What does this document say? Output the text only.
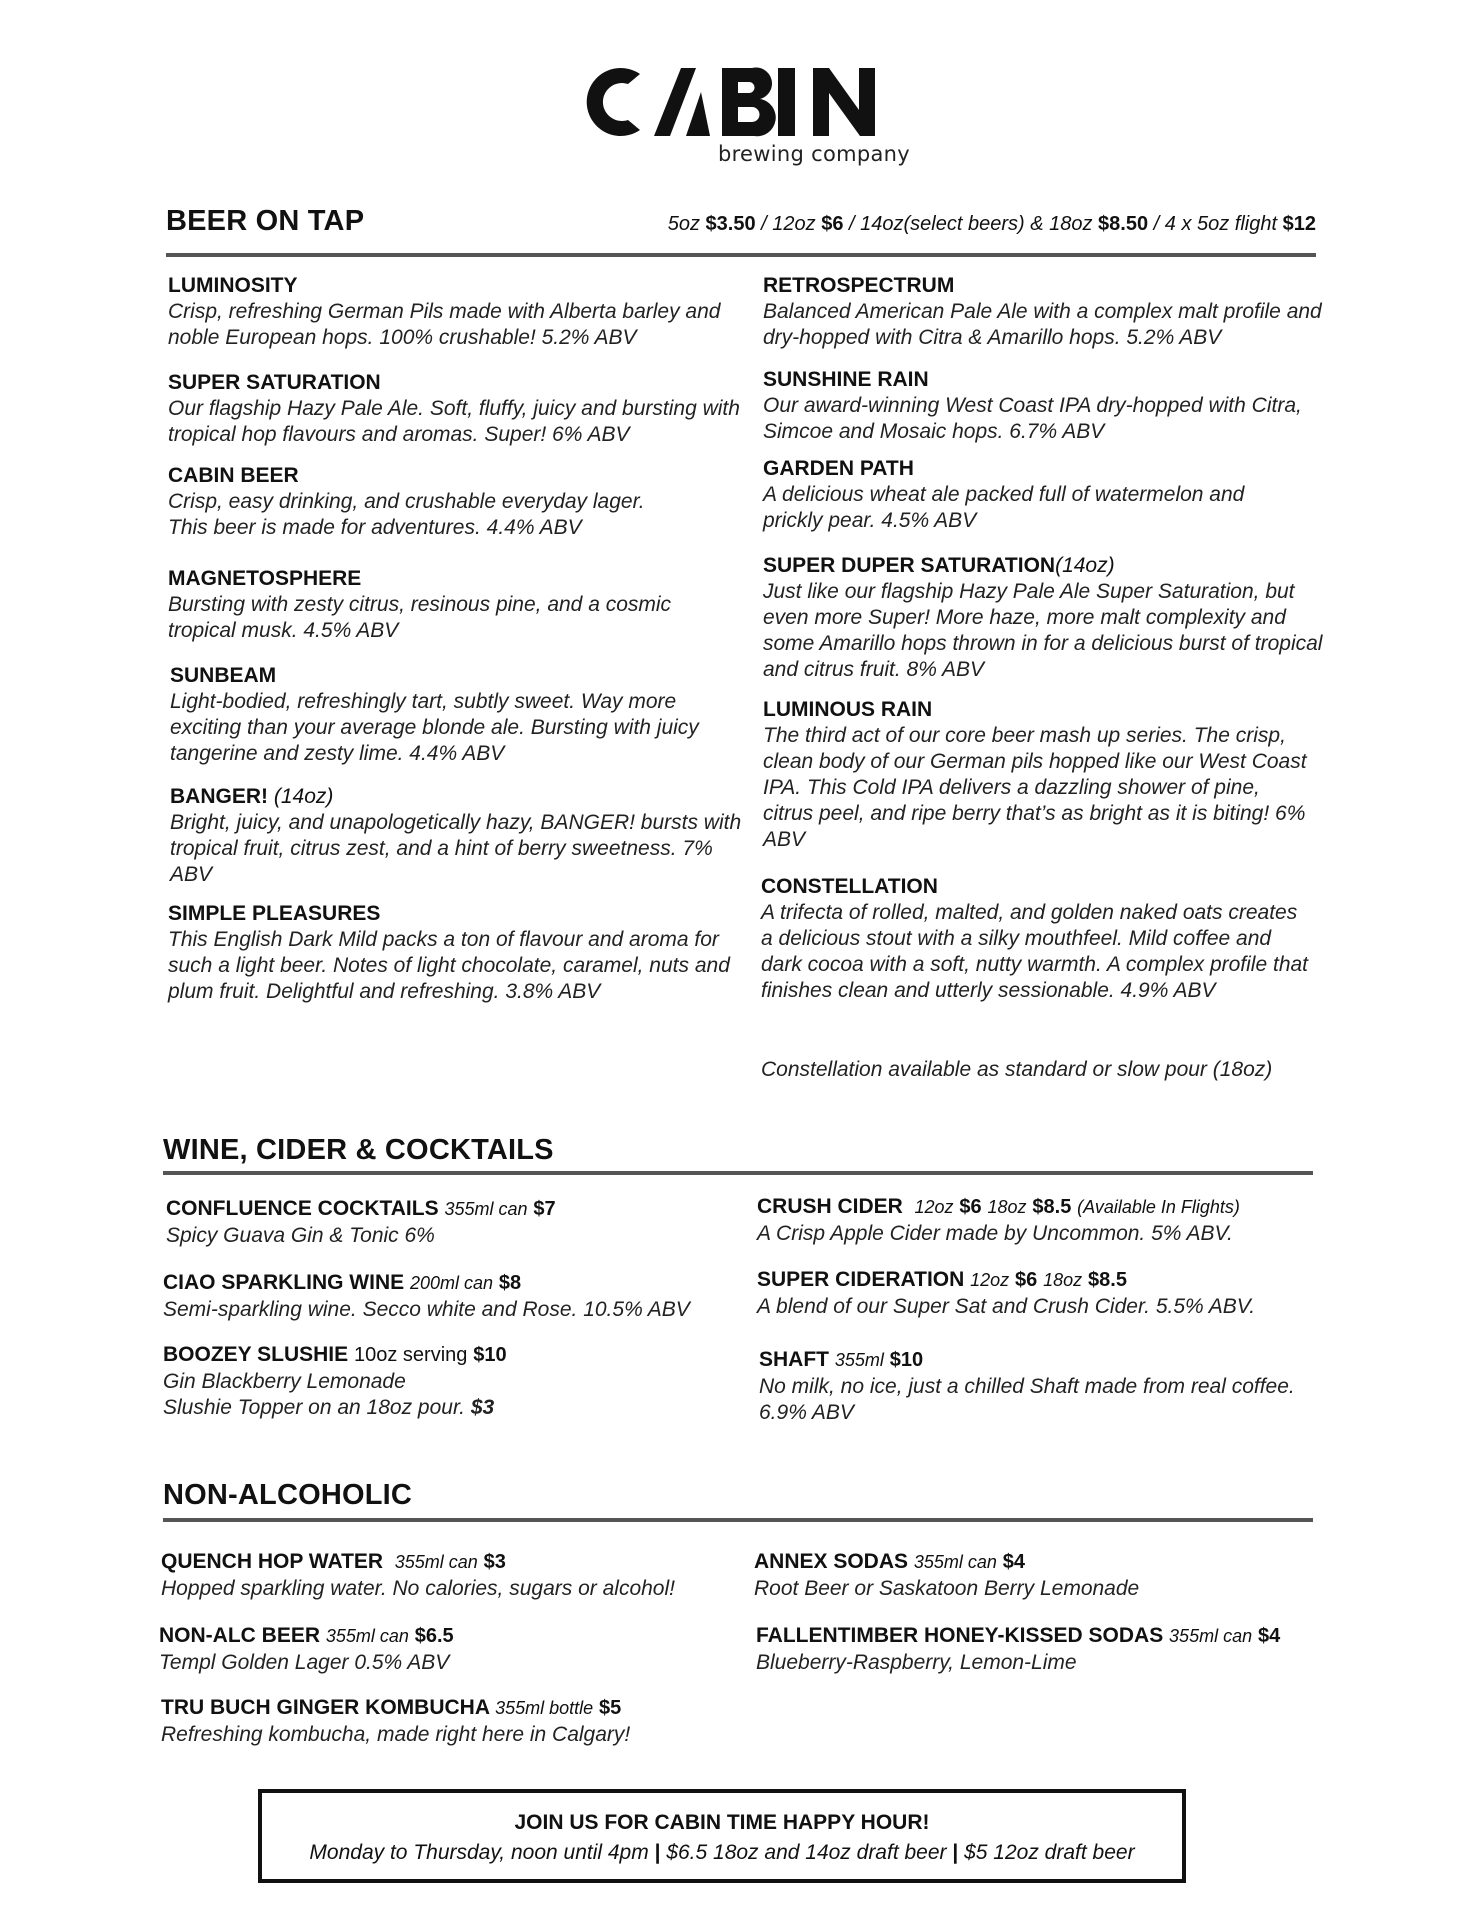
brewing company
BEER ON TAP	5oz $3.50 / 12oz $6 / 14oz(select beers) & 18oz $8.50 / 4 x 5oz flight $12
LUMINOSITY
Crisp, refreshing German Pils made with Alberta barley and noble European hops. 100% crushable! 5.2% ABV
SUPER SATURATION
Our flagship Hazy Pale Ale. Soft, fluffy, juicy and bursting with tropical hop flavours and aromas. Super! 6% ABV
CABIN BEER
Crisp, easy drinking, and crushable everyday lager. This beer is made for adventures. 4.4% ABV
MAGNETOSPHERE
Bursting with zesty citrus, resinous pine, and a cosmic tropical musk. 4.5% ABV
SUNBEAM
Light-bodied, refreshingly tart, subtly sweet. Way more exciting than your average blonde ale. Bursting with juicy tangerine and zesty lime. 4.4% ABV
BANGER! (14oz)
Bright, juicy, and unapologetically hazy, BANGER! bursts with tropical fruit, citrus zest, and a hint of berry sweetness. 7% ABV
SIMPLE PLEASURES
This English Dark Mild packs a ton of flavour and aroma for such a light beer. Notes of light chocolate, caramel, nuts and plum fruit. Delightful and refreshing. 3.8% ABV
RETROSPECTRUM
Balanced American Pale Ale with a complex malt profile and dry-hopped with Citra & Amarillo hops. 5.2% ABV
SUNSHINE RAIN
Our award-winning West Coast IPA dry-hopped with Citra, Simcoe and Mosaic hops. 6.7% ABV
GARDEN PATH
A delicious wheat ale packed full of watermelon and prickly pear. 4.5% ABV
SUPER DUPER SATURATION(14oz)
Just like our flagship Hazy Pale Ale Super Saturation, but even more Super! More haze, more malt complexity and some Amarillo hops thrown in for a delicious burst of tropical and citrus fruit. 8% ABV
LUMINOUS RAIN
The third act of our core beer mash up series. The crisp, clean body of our German pils hopped like our West Coast IPA. This Cold IPA delivers a dazzling shower of pine, citrus peel, and ripe berry that’s as bright as it is biting! 6% ABV
CONSTELLATION
A trifecta of rolled, malted, and golden naked oats creates a delicious stout with a silky mouthfeel. Mild coffee and dark cocoa with a soft, nutty warmth. A complex profile that finishes clean and utterly sessionable. 4.9% ABV
Constellation available as standard or slow pour (18oz)
WINE, CIDER & COCKTAILS
CONFLUENCE COCKTAILS 355ml can $7
Spicy Guava Gin & Tonic 6%
CIAO SPARKLING WINE 200ml can $8
Semi-sparkling wine. Secco white and Rose. 10.5% ABV
BOOZEY SLUSHIE 10oz serving $10
Gin Blackberry Lemonade
Slushie Topper on an 18oz pour. $3
CRUSH CIDER 12oz $6 18oz $8.5 (Available In Flights)
A Crisp Apple Cider made by Uncommon. 5% ABV.
SUPER CIDERATION 12oz $6 18oz $8.5
A blend of our Super Sat and Crush Cider. 5.5% ABV.
SHAFT 355ml $10
No milk, no ice, just a chilled Shaft made from real coffee. 6.9% ABV
NON-ALCOHOLIC
QUENCH HOP WATER 355ml can $3
Hopped sparkling water. No calories, sugars or alcohol!
NON-ALC BEER 355ml can $6.5
Templ Golden Lager 0.5% ABV
TRU BUCH GINGER KOMBUCHA 355ml bottle $5
Refreshing kombucha, made right here in Calgary!
ANNEX SODAS 355ml can $4
Root Beer or Saskatoon Berry Lemonade
FALLENTIMBER HONEY-KISSED SODAS 355ml can $4
Blueberry-Raspberry, Lemon-Lime
JOIN US FOR CABIN TIME HAPPY HOUR!
Monday to Thursday, noon until 4pm | $6.5 18oz and 14oz draft beer | $5 12oz draft beer
